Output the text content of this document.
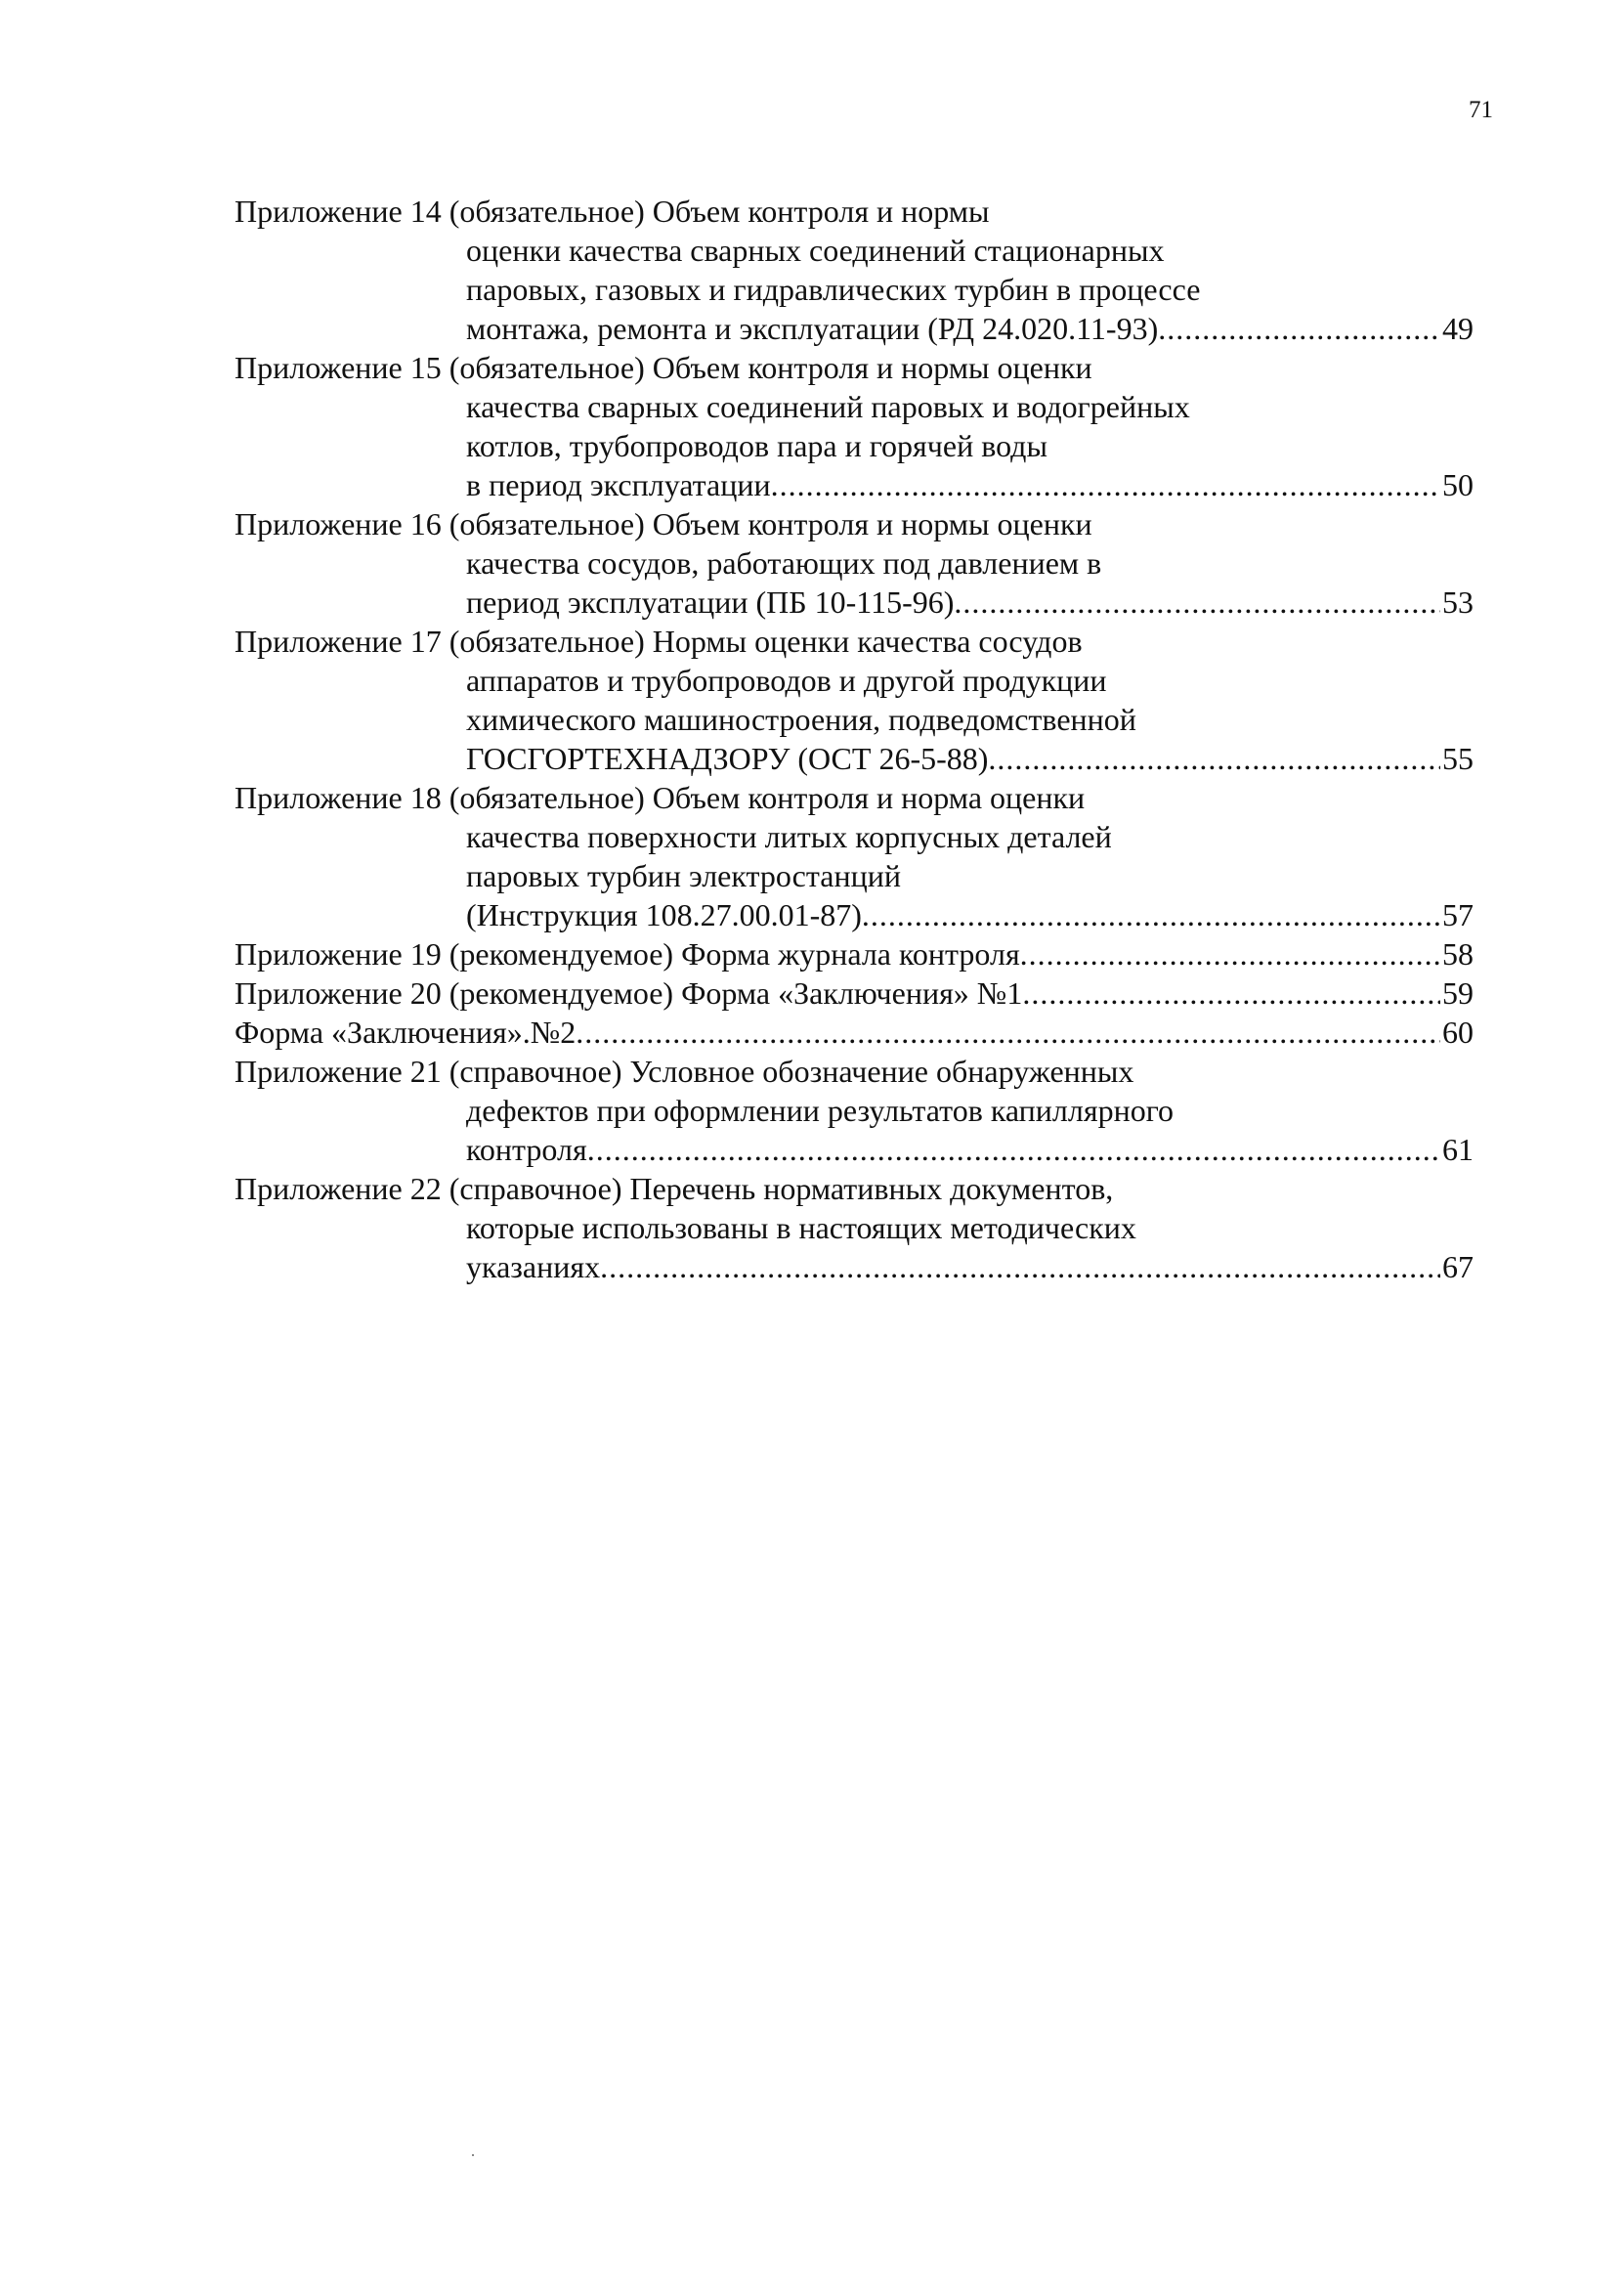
71
Приложение 14 (обязательное) Объем контроля и нормы
оценки качества сварных соединений стационарных
паровых, газовых и гидравлических турбин в процессе
монтажа, ремонта и эксплуатации (РД 24.020.11-93) .....	49
Приложение 15 (обязательное) Объем контроля и нормы оценки
качества сварных соединений паровых и водогрейных
котлов, трубопроводов пара и горячей воды
в период эксплуатации .....	50
Приложение 16 (обязательное) Объем контроля и нормы оценки
качества сосудов, работающих под давлением в
период эксплуатации (ПБ 10-115-96) .....	53
Приложение 17 (обязательное) Нормы оценки качества сосудов
аппаратов и трубопроводов и другой продукции
химического машиностроения, подведомственной
ГОСГОРТЕХНАДЗОРУ (ОСТ 26-5-88) .....	55
Приложение 18 (обязательное) Объем контроля и норма оценки
качества поверхности литых корпусных деталей
паровых турбин электростанций
(Инструкция 108.27.00.01-87) .....	57
Приложение 19 (рекомендуемое) Форма журнала контроля .....	58
Приложение 20 (рекомендуемое) Форма «Заключения» №1 .....	59
Форма «Заключения».№2 .....	60
Приложение 21 (справочное) Условное обозначение обнаруженных
дефектов при оформлении результатов капиллярного
контроля .....	61
Приложение 22 (справочное) Перечень нормативных документов,
которые использованы в настоящих методических
указаниях .....	67
